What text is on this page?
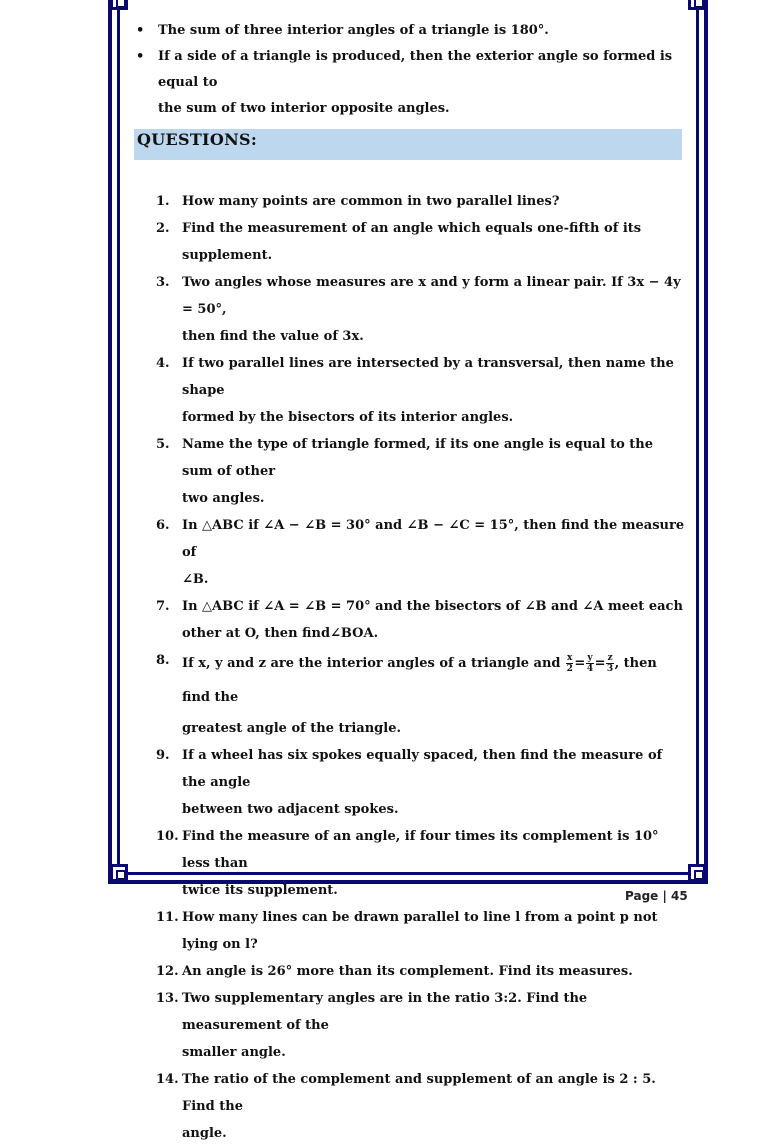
• The sum of three interior angles of a triangle is 180°.
• If a side of a triangle is produced, then the exterior angle so formed is equal to
the sum of two interior opposite angles.
QUESTIONS:
1. How many points are common in two parallel lines?
2. Find the measurement of an angle which equals one-fifth of its supplement.
3. Two angles whose measures are x and y form a linear pair. If 3x − 4y = 50°,
then find the value of 3x.
4. If two parallel lines are intersected by a transversal, then name the shape
formed by the bisectors of its interior angles.
5. Name the type of triangle formed, if its one angle is equal to the sum of other
two angles.
6. In △ABC if ∠A − ∠B = 30° and ∠B − ∠C = 15°, then find the measure of
∠B.
7. In △ABC if ∠A = ∠B = 70° and the bisectors of ∠B and ∠A meet each
other at O, then find∠BOA.
8. If x, y and z are the interior angles of a triangle and $\frac{x}{2} = \frac{y}{4} = \frac{z}{3}$ , then find the
greatest angle of the triangle.
9. If a wheel has six spokes equally spaced, then find the measure of the angle
between two adjacent spokes.
10. Find the measure of an angle, if four times its complement is 10° less than
twice its supplement.
11. How many lines can be drawn parallel to line l from a point p not lying on l?
12. An angle is 26° more than its complement. Find its measures.
13. Two supplementary angles are in the ratio 3:2. Find the measurement of the
smaller angle.
14. The ratio of the complement and supplement of an angle is 2 : 5. Find the
angle.
Page | 45
